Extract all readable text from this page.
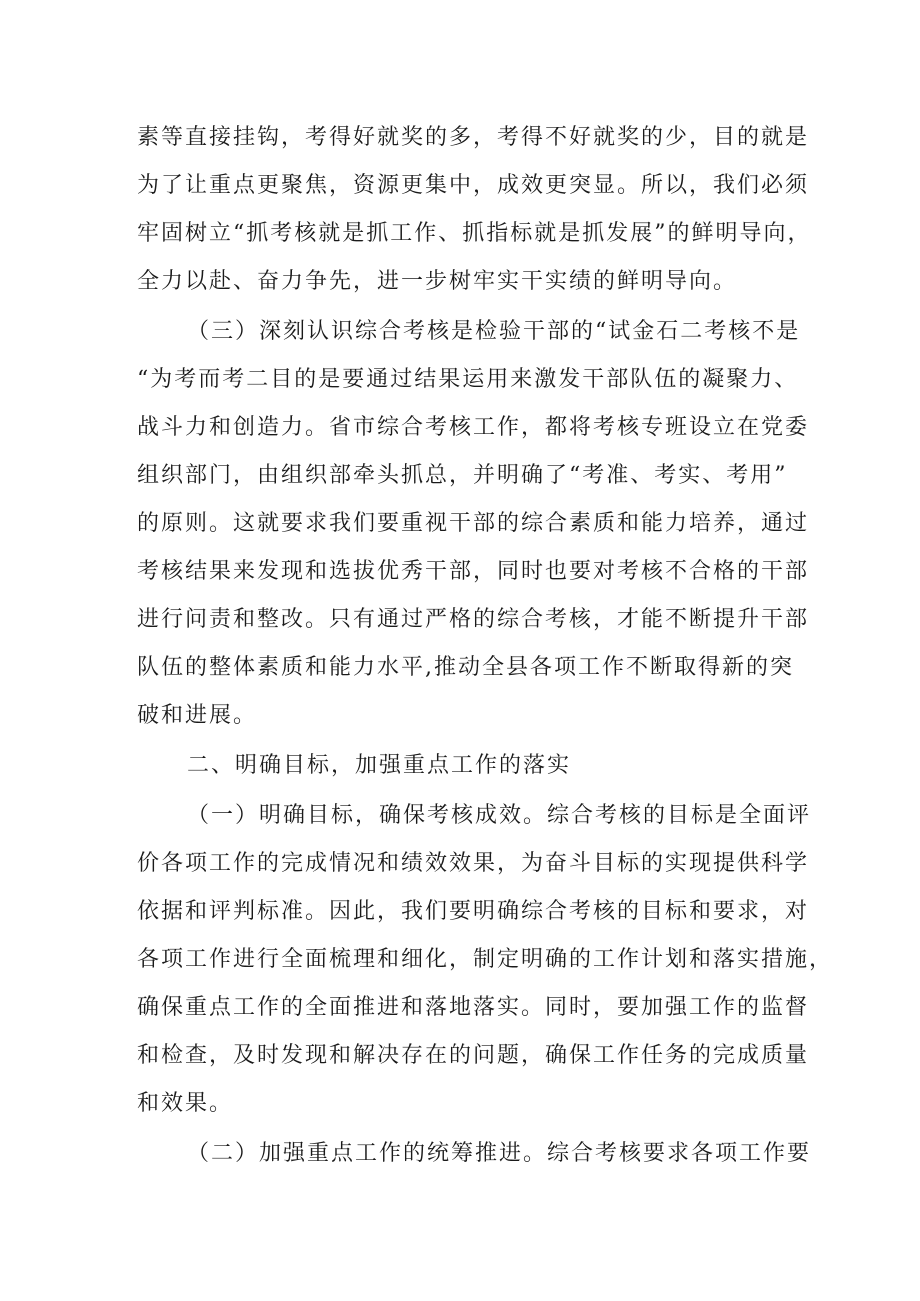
素等直接挂钩，考得好就奖的多，考得不好就奖的少，目的就是
为了让重点更聚焦，资源更集中，成效更突显。所以，我们必须
牢固树立“抓考核就是抓工作、抓指标就是抓发展”的鲜明导向，
全力以赴、奋力争先，进一步树牢实干实绩的鲜明导向。
（三）深刻认识综合考核是检验干部的“试金石二考核不是
“为考而考二目的是要通过结果运用来激发干部队伍的凝聚力、
战斗力和创造力。省市综合考核工作，都将考核专班设立在党委
组织部门，由组织部牵头抓总，并明确了“考准、考实、考用”
的原则。这就要求我们要重视干部的综合素质和能力培养，通过
考核结果来发现和选拔优秀干部，同时也要对考核不合格的干部
进行问责和整改。只有通过严格的综合考核，才能不断提升干部
队伍的整体素质和能力水平,推动全县各项工作不断取得新的突
破和进展。
二、明确目标，加强重点工作的落实
（一）明确目标，确保考核成效。综合考核的目标是全面评
价各项工作的完成情况和绩效效果，为奋斗目标的实现提供科学
依据和评判标准。因此，我们要明确综合考核的目标和要求，对
各项工作进行全面梳理和细化，制定明确的工作计划和落实措施，
确保重点工作的全面推进和落地落实。同时，要加强工作的监督
和检查，及时发现和解决存在的问题，确保工作任务的完成质量
和效果。
（二）加强重点工作的统筹推进。综合考核要求各项工作要
